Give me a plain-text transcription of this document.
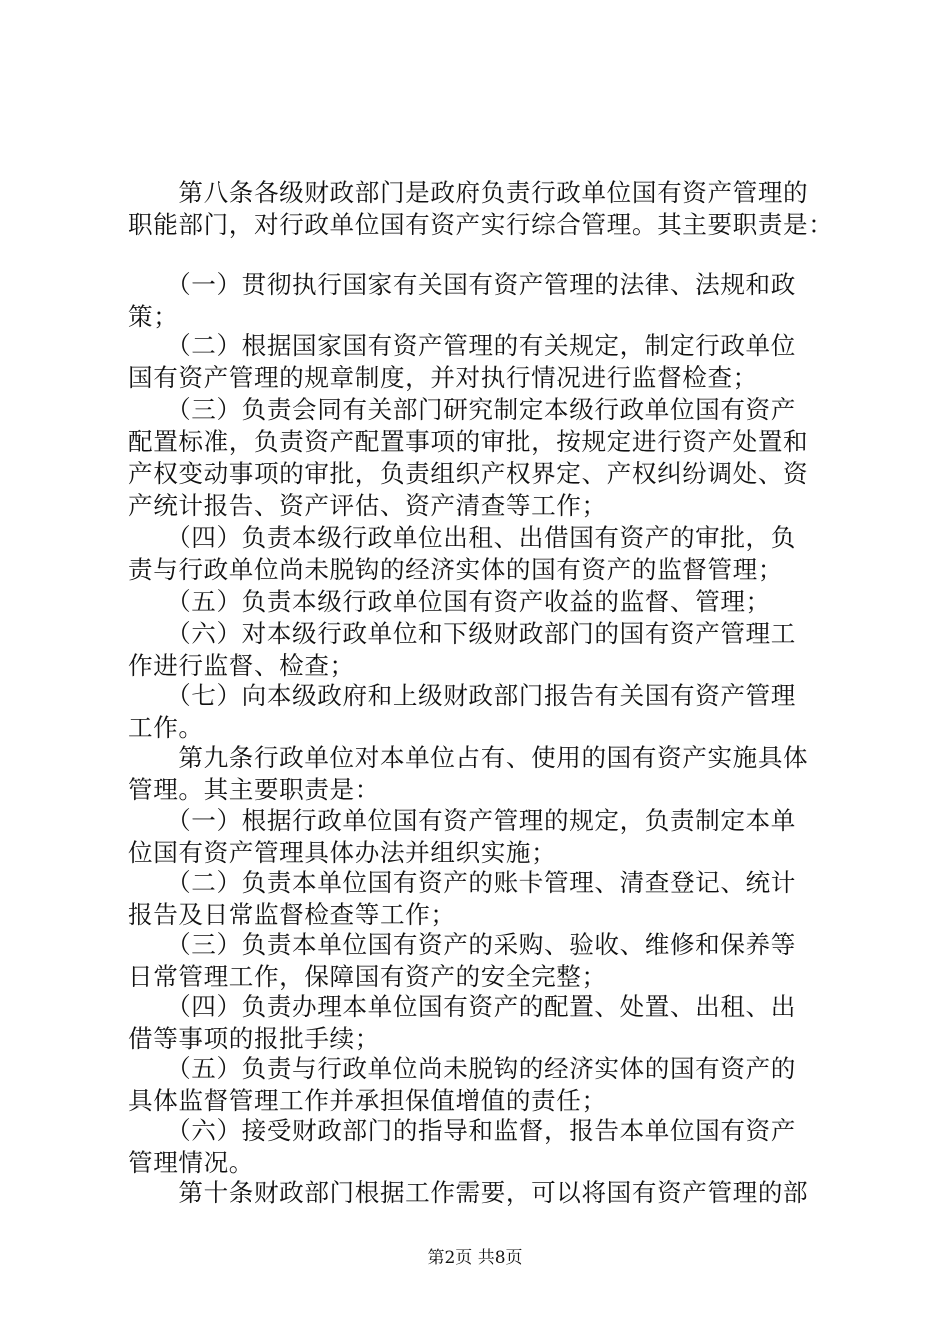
　　第八条各级财政部门是政府负责行政单位国有资产管理的
职能部门，对行政单位国有资产实行综合管理。其主要职责是：
　　（一）贯彻执行国家有关国有资产管理的法律、法规和政
策；
　　（二）根据国家国有资产管理的有关规定，制定行政单位
国有资产管理的规章制度，并对执行情况进行监督检查；
　　（三）负责会同有关部门研究制定本级行政单位国有资产
配置标准，负责资产配置事项的审批，按规定进行资产处置和
产权变动事项的审批，负责组织产权界定、产权纠纷调处、资
产统计报告、资产评估、资产清查等工作；
　　（四）负责本级行政单位出租、出借国有资产的审批，负
责与行政单位尚未脱钩的经济实体的国有资产的监督管理；
　　（五）负责本级行政单位国有资产收益的监督、管理；
　　（六）对本级行政单位和下级财政部门的国有资产管理工
作进行监督、检查；
　　（七）向本级政府和上级财政部门报告有关国有资产管理
工作。
　　第九条行政单位对本单位占有、使用的国有资产实施具体
管理。其主要职责是：
　　（一）根据行政单位国有资产管理的规定，负责制定本单
位国有资产管理具体办法并组织实施；
　　（二）负责本单位国有资产的账卡管理、清查登记、统计
报告及日常监督检查等工作；
　　（三）负责本单位国有资产的采购、验收、维修和保养等
日常管理工作，保障国有资产的安全完整；
　　（四）负责办理本单位国有资产的配置、处置、出租、出
借等事项的报批手续；
　　（五）负责与行政单位尚未脱钩的经济实体的国有资产的
具体监督管理工作并承担保值增值的责任；
　　（六）接受财政部门的指导和监督，报告本单位国有资产
管理情况。
　　第十条财政部门根据工作需要，可以将国有资产管理的部
第2页 共8页
